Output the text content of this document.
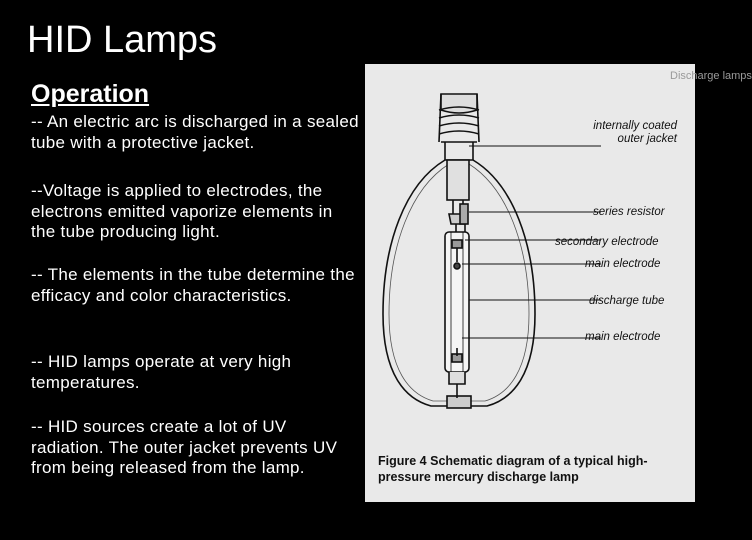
HID Lamps
Operation
-- An electric arc is discharged in a sealed tube with a protective jacket.
--Voltage is applied to electrodes, the electrons emitted vaporize elements in the tube producing light.
-- The elements in the tube determine the efficacy and color characteristics.
-- HID lamps operate at very high temperatures.
-- HID sources create a lot of UV radiation. The outer jacket prevents UV from being released from the lamp.
Discharge lamps
internally coated
outer jacket
series resistor
secondary electrode
main electrode
discharge tube
main electrode
Figure 4 Schematic diagram of a typical high-pressure mercury discharge lamp
